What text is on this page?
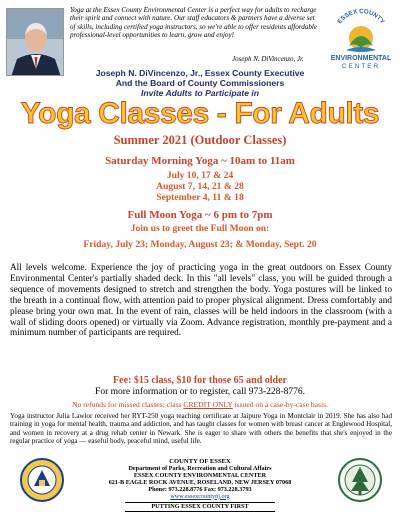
Yoga at the Essex County Environmental Center is a perfect way for adults to recharge their spirit and connect with nature. Our staff educators & partners have a diverse set of skills, including certified yoga instructors, so we're able to offer residents affordable professional-level opportunities to learn, grow and enjoy!
Joseph N. DiVincenzo, Jr.
ESSEX COUNTY
ENVIRONMENTAL
CENTER
Joseph N. DiVincenzo, Jr., Essex County Executive
And the Board of County Commissioners
Invite Adults to Participate in
Yoga Classes - For Adults
Summer 2021 (Outdoor Classes)
Saturday Morning Yoga ~ 10am to 11am
July 10, 17 & 24
August 7, 14, 21 & 28
September 4, 11 & 18
Full Moon Yoga ~ 6 pm to 7pm
Join us to greet the Full Moon on:
Friday, July 23; Monday, August 23; & Monday, Sept. 20
All levels welcome. Experience the joy of practicing yoga in the great outdoors on Essex County Environmental Center's partially shaded deck. In this "all levels" class, you will be guided through a sequence of movements designed to stretch and strengthen the body. Yoga postures will be linked to the breath in a continual flow, with attention paid to proper physical alignment. Dress comfortably and please bring your own mat. In the event of rain, classes will be held indoors in the classroom (with a wall of sliding doors opened) or virtually via Zoom. Advance registration, monthly pre-payment and a minimum number of participants are required.
Fee: $15 class, $10 for those 65 and older
For more information or to register, call 973-228-8776.
No refunds for missed classes; class CREDIT ONLY issued on a case-by-case basis.
Yoga instructor Julia Lawlor received her RYT-250 yoga teaching certificate at Jaipure Yoga in Montclair in 2019. She has also had training in yoga for mental health, trauma and addiction, and has taught classes for women with breast cancer at Englewood Hospital, and women in recovery at a drug rehab center in Newark. She is eager to share with others the benefits that she's enjoyed in the regular practice of yoga — easeful body, peaceful mind, useful life.
COUNTY OF ESSEX
Department of Parks, Recreation and Cultural Affairs
ESSEX COUNTY ENVIRONMENTAL CENTER
621-B EAGLE ROCK AVENUE, ROSELAND, NEW JERSEY 07068
Phone: 973.228.8776 Fax: 973.228.3793
www.essexcountynj.org
PUTTING ESSEX COUNTY FIRST
